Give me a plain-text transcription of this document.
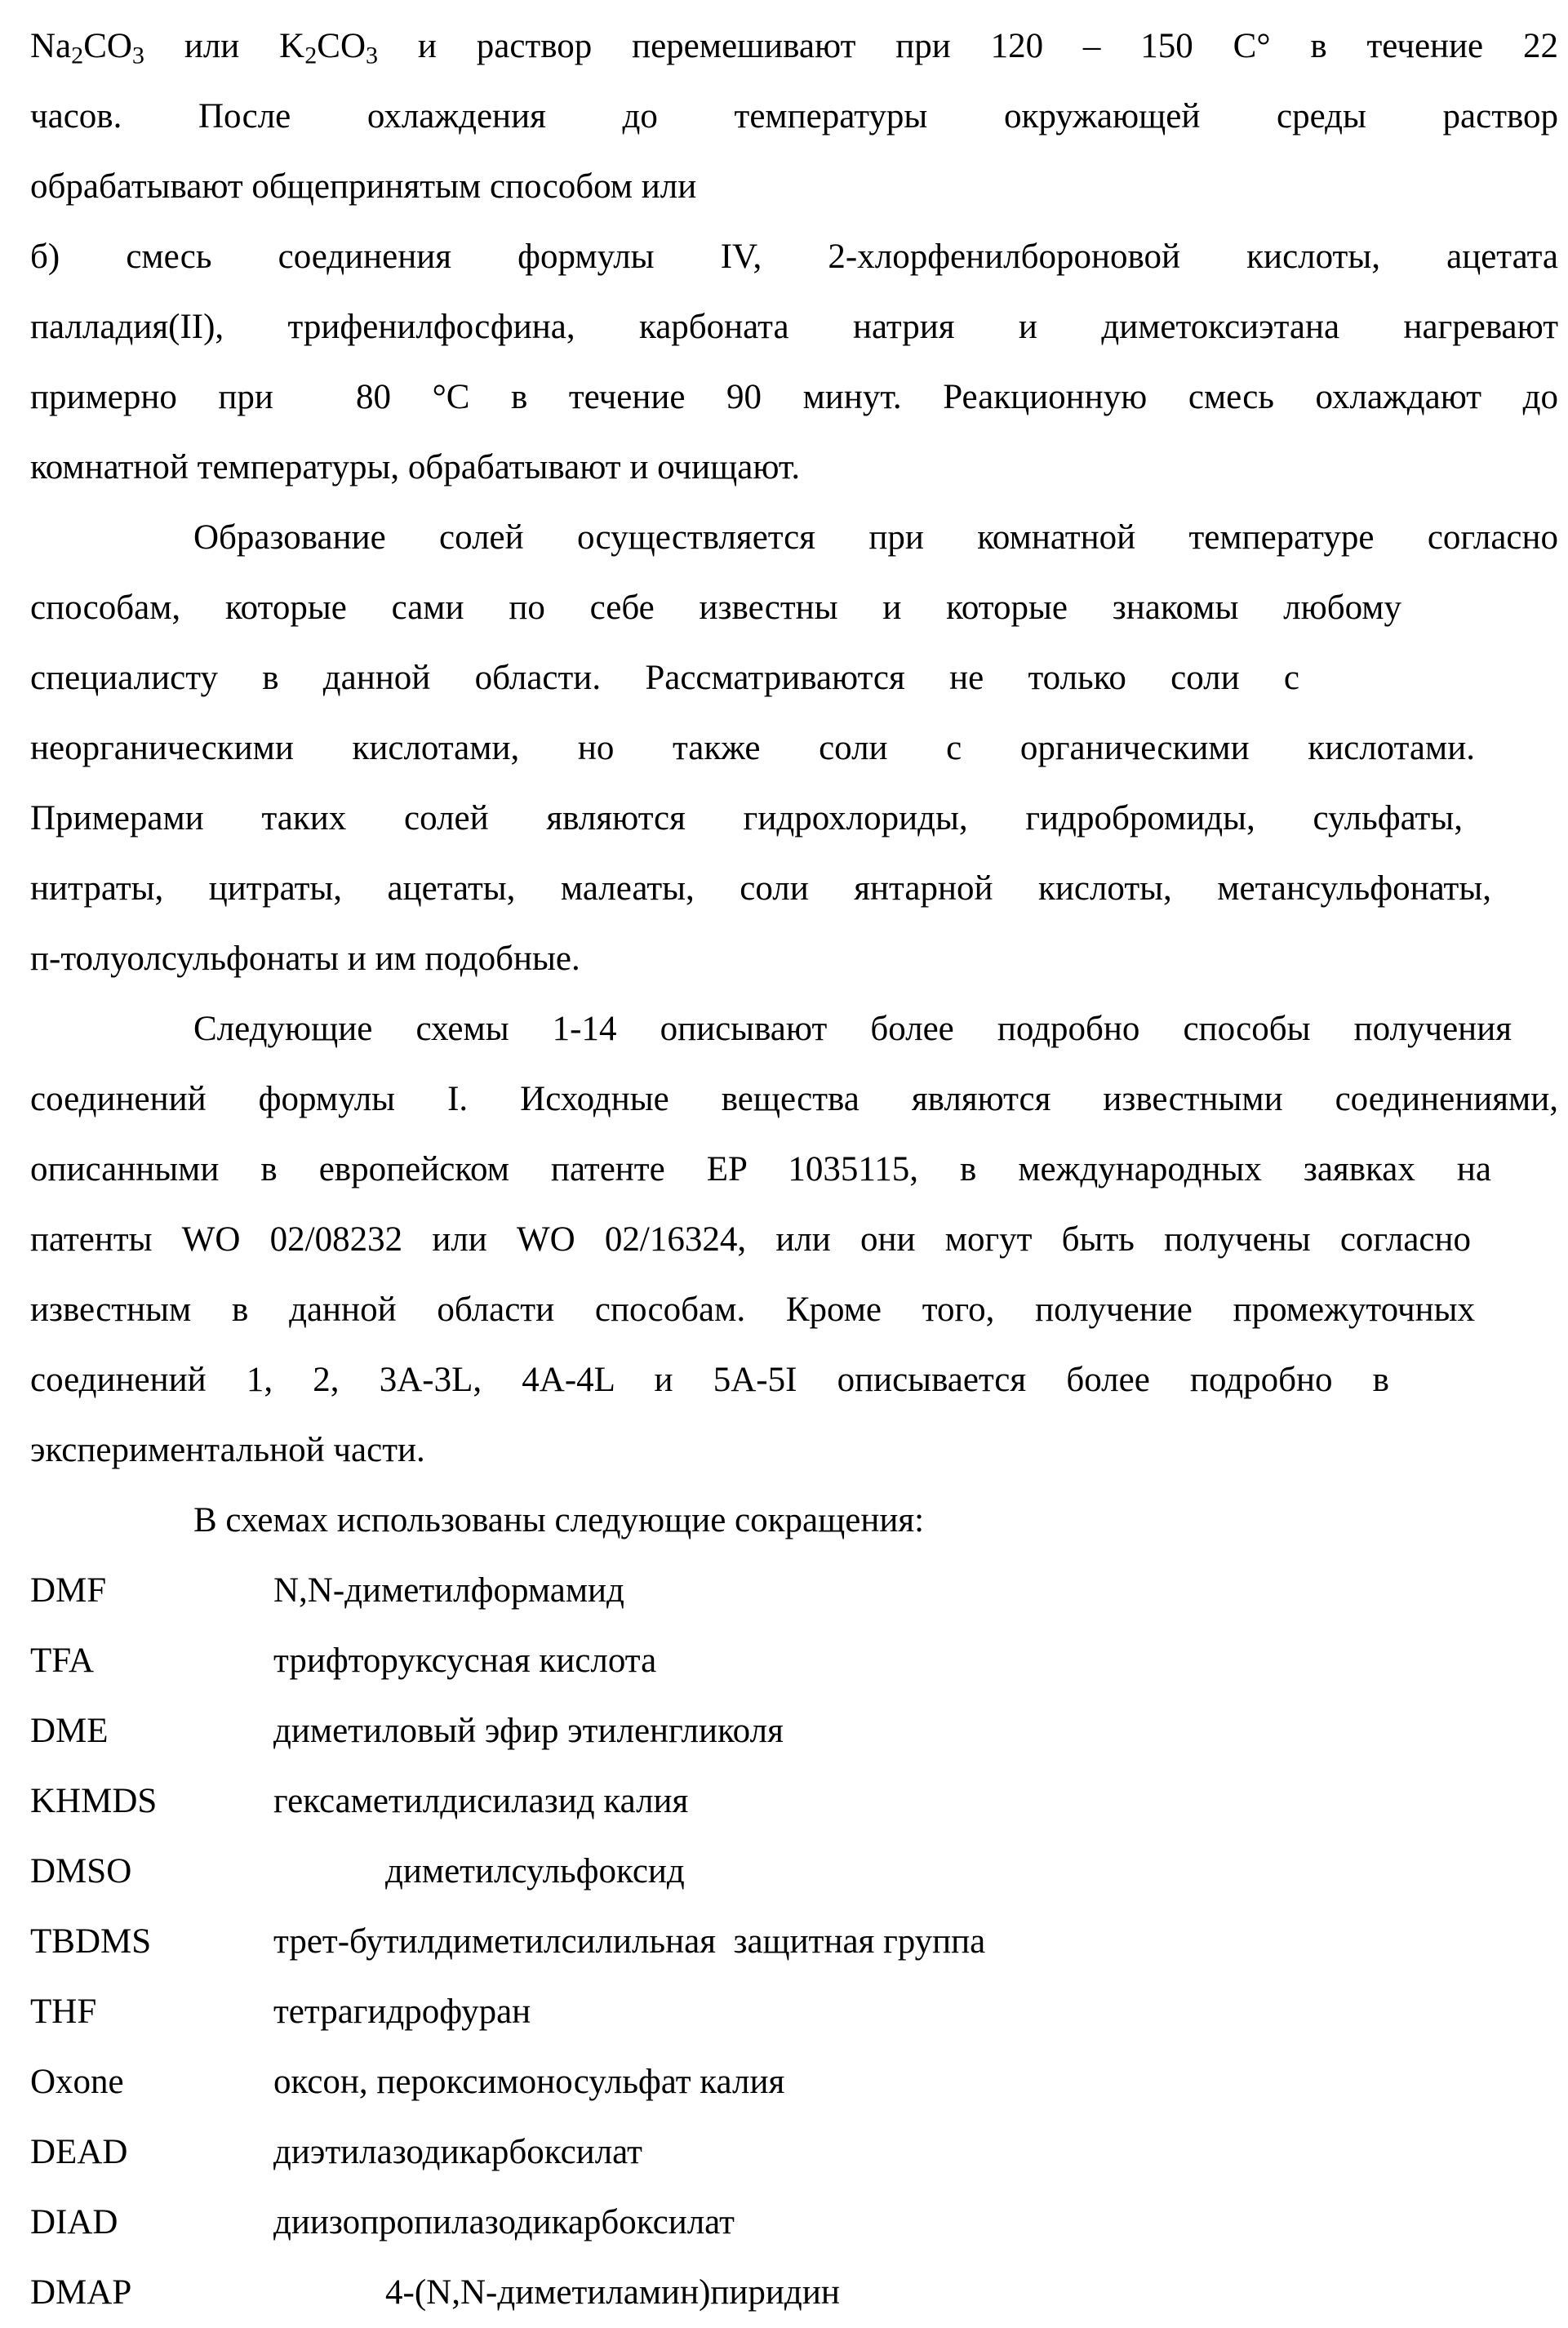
Na2CO3 или K2CO3 и раствор перемешивают при 120 – 150 C° в течение 22
часов. После охлаждения до температуры окружающей среды раствор
обрабатывают общепринятым способом или
б) смесь соединения формулы IV, 2-хлорфенилбороновой кислоты, ацетата
палладия(II), трифенилфосфина, карбоната натрия и диметоксиэтана нагревают
примерно при  80 °C в течение 90 минут. Реакционную смесь охлаждают до
комнатной температуры, обрабатывают и очищают.
Образование солей осуществляется при комнатной температуре согласно
способам, которые сами по себе известны и которые знакомы любому
специалисту в данной области. Рассматриваются не только соли с
неорганическими кислотами, но также соли с органическими кислотами.
Примерами таких солей являются гидрохлориды, гидробромиды, сульфаты,
нитраты, цитраты, ацетаты, малеаты, соли янтарной кислоты, метансульфонаты,
п-толуолсульфонаты и им подобные.
Следующие схемы 1-14 описывают более подробно способы получения
соединений формулы I. Исходные вещества являются известными соединениями,
описанными в европейском патенте EP 1035115, в международных заявках на
патенты WO 02/08232 или WO 02/16324, или они могут быть получены согласно
известным в данной области способам. Кроме того, получение промежуточных
соединений 1, 2, 3A-3L, 4A-4L и 5A-5I описывается более подробно в
экспериментальной части.
В схемах использованы следующие сокращения:
DMF	N,N-диметилформамид
TFA	трифторуксусная кислота
DME	диметиловый эфир этиленгликоля
KHMDS	гексаметилдисилазид калия
DMSO	диметилсульфоксид
TBDMS	трет-бутилдиметилсилильная  защитная группа
THF	тетрагидрофуран
Oxone	оксон, пероксимоносульфат калия
DEAD	диэтилазодикарбоксилат
DIAD	диизопропилазодикарбоксилат
DMAP	4-(N,N-диметиламин)пиридин
